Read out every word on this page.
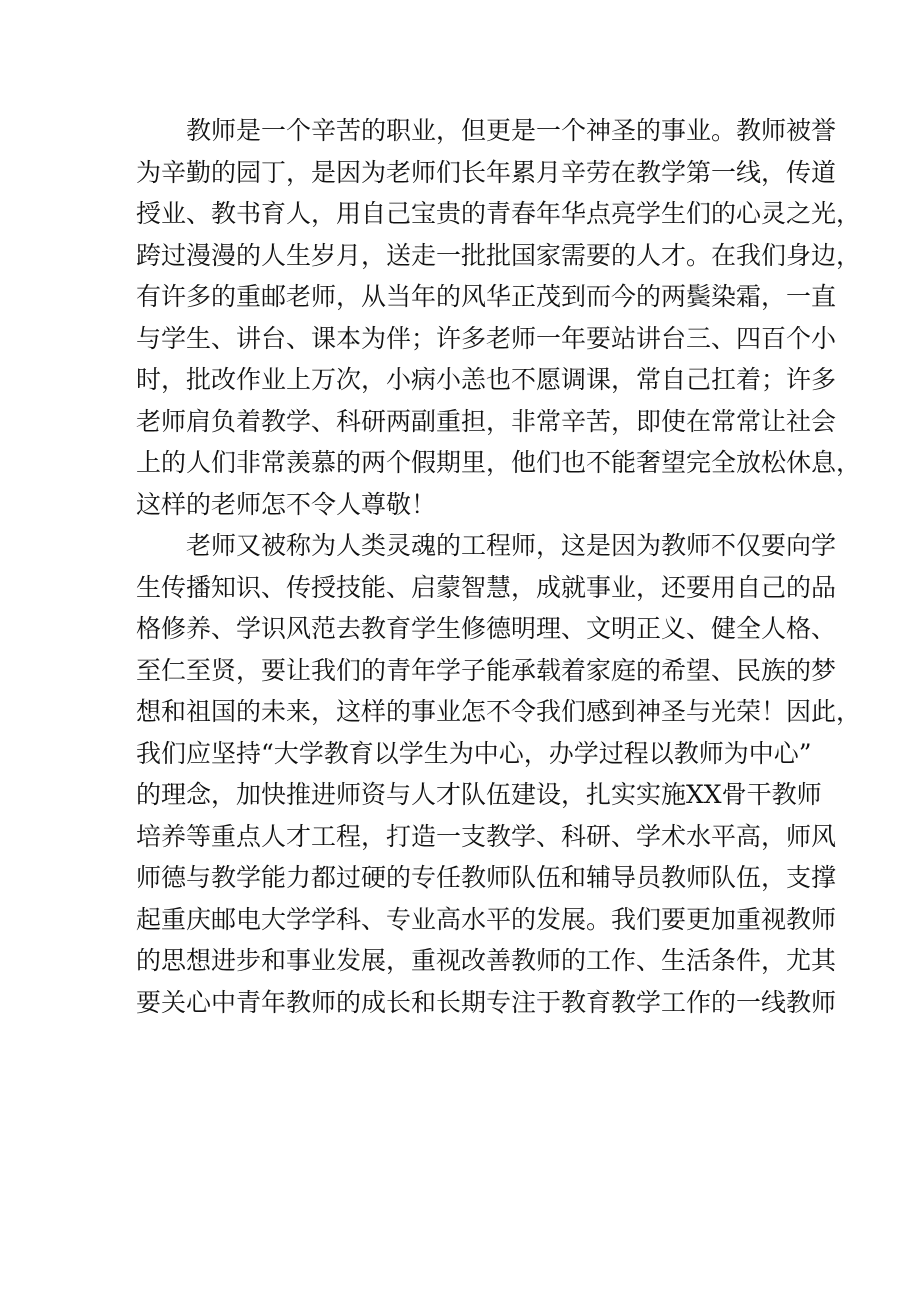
教师是一个辛苦的职业，但更是一个神圣的事业。教师被誉
为辛勤的园丁，是因为老师们长年累月辛劳在教学第一线，传道
授业、教书育人，用自己宝贵的青春年华点亮学生们的心灵之光，
跨过漫漫的人生岁月，送走一批批国家需要的人才。在我们身边，
有许多的重邮老师，从当年的风华正茂到而今的两鬓染霜，一直
与学生、讲台、课本为伴；许多老师一年要站讲台三、四百个小
时，批改作业上万次，小病小恙也不愿调课，常自己扛着；许多
老师肩负着教学、科研两副重担，非常辛苦，即使在常常让社会
上的人们非常羡慕的两个假期里，他们也不能奢望完全放松休息，
这样的老师怎不令人尊敬！
老师又被称为人类灵魂的工程师，这是因为教师不仅要向学
生传播知识、传授技能、启蒙智慧，成就事业，还要用自己的品
格修养、学识风范去教育学生修德明理、文明正义、健全人格、
至仁至贤，要让我们的青年学子能承载着家庭的希望、民族的梦
想和祖国的未来，这样的事业怎不令我们感到神圣与光荣！因此，
我们应坚持“大学教育以学生为中心，办学过程以教师为中心”
的理念，加快推进师资与人才队伍建设，扎实实施XX骨干教师
培养等重点人才工程，打造一支教学、科研、学术水平高，师风
师德与教学能力都过硬的专任教师队伍和辅导员教师队伍，支撑
起重庆邮电大学学科、专业高水平的发展。我们要更加重视教师
的思想进步和事业发展，重视改善教师的工作、生活条件，尤其
要关心中青年教师的成长和长期专注于教育教学工作的一线教师
